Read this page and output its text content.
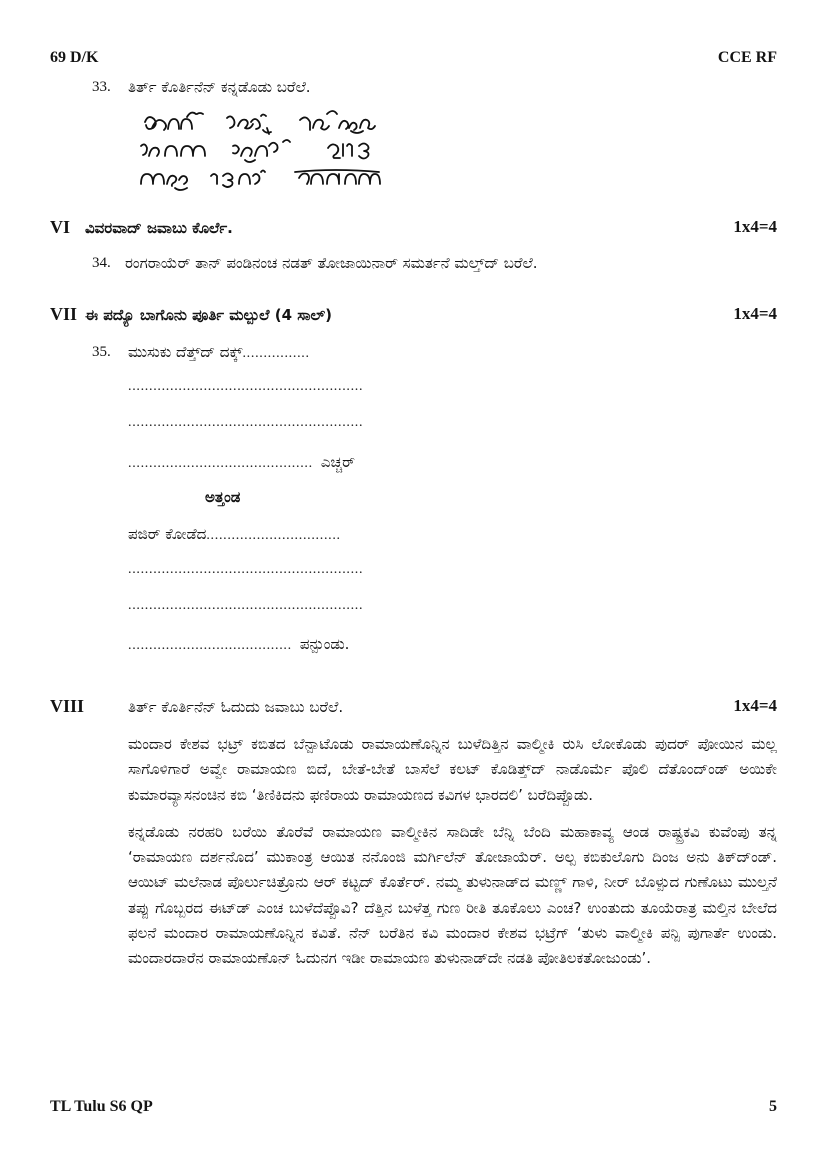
69 D/K	CCE RF
33. ತಿರ್ತ್ ಕೊರ್ತಿನೆನ್ ಕನ್ನಡೊಡು ಬರೆಲೆ.
VI ವಿವರವಾದ್ ಜವಾಬು ಕೊರ್ಲೆ.	1x4=4
34. ರಂಗರಾಯೆರ್ ತಾನ್ ಪಂಡಿನಂಚ ನಡತ್ ತೋಜಾಯಿನಾರ್ ಸಮರ್ತನೆ ಮಲ್ತ್‌ದ್ ಬರೆಲೆ.
VII ಈ ಪದ್ಯೊ ಬಾಗೊನು ಪೂರ್ತಿ ಮಲ್ಪುಲೆ (4 ಸಾಲ್)	1x4=4
35. ಮುಸುಕು ದೆತ್ತ್‌ದ್ ದಕ್ಕ್ ................
........................................................
........................................................
............................................ ಎಚ್ಚರ್
ಅತ್ತಂಡ
ಪಜಿರ್ ಕೋಡೆದ ................................
........................................................
........................................................
....................................... ಪನ್ಪುಂಡು.
VIII	ತಿರ್ತ್ ಕೊರ್ತಿನೆನ್ ಓದುದು ಜವಾಬು ಬರೆಲೆ.	1x4=4

ಮಂದಾರ ಕೇಶವ ಭಟ್ರ್ ಕಬಿತದ ಬೆನ್ಪಾಟೊಡು ರಾಮಾಯಣೊನ್ನಿನ ಬುಳೆದಿತ್ತಿನ ವಾಲ್ಮೀಕಿ ರುಸಿ ಲೋಕೊಡು ಪುದರ್ ಪೋಯಿನ ಮಲ್ಲ ಸಾಗೊಳಿಗಾರೆ ಅವ್ವೇ ರಾಮಾಯಣ ಬಿದೆ, ಬೇತೆ-ಬೇತೆ ಬಾಸೆಲೆ ಕಲಟ್ ಕೊಡಿತ್ತ್‌ದ್ ನಾಡೊರ್ಮೆ ಪೊಲಿ ದೆತೊಂದ್‌ಂಡ್ ಅಯಿಕೇ ಕುಮಾರವ್ಯಾಸನಂಚಿನ ಕಬಿ ‘ತಿಣಿಕಿದನು ಫಣಿರಾಯ ರಾಮಾಯಣದ ಕವಿಗಳ ಭಾರದಲಿ’ ಬರೆದಿಪ್ಪೊಡು.

ಕನ್ನಡೊಡು ನರಹರಿ ಬರೆಯಿ ತೊರೆವೆ ರಾಮಾಯಣ ವಾಲ್ಮೀಕಿನ ಸಾದಿಡೇ ಬೆನ್ನಿ ಬೆಂದಿ ಮಹಾಕಾವ್ಯ ಆಂಡ ರಾಷ್ಟ್ರಕವಿ ಕುವೆಂಪು ತನ್ನ ‘ರಾಮಾಯಣ ದರ್ಶನೊದ’ ಮುಕಾಂತ್ರ ಆಯಿತ ನನೊಂಜಿ ಮರ್ಗಿಲೆನ್ ತೋಜಾಯೆರ್. ಅಲ್ಪ ಕಬಿಕುಲೊಗು ದಿಂಜ ಅನು ತಿಕ್‌ದ್‌ಂಡ್. ಆಯಿಟ್ ಮಲೆನಾಡ ಪೊರ್ಲುಚಿತ್ರೊನು ಆರ್ ಕಟ್ಟದ್ ಕೊರ್ತೆರ್. ನಮ್ಮ ತುಳುನಾಡ್‌ದ ಮಣ್ಣ್ ಗಾಳಿ, ನೀರ್ ಬೊಳ್ಪುದ ಗುಣೊಟು ಮುಲ್ತನೆ ತಪ್ಪು ಗೊಬ್ಬರದ ಈಟ್‌ಡ್ ಎಂಚ ಬುಳೆದೆಪ್ಪೊವಿ? ದೆತ್ತಿನ ಬುಳೆತ್ತ ಗುಣ ರೀತಿ ತೂಕೊಲು ಎಂಚ? ಉಂತುದು ತೂಯೆರಾತ್ರ ಮಲ್ತಿನ ಬೇಲೆದ ಫಲನೆ ಮಂದಾರ ರಾಮಾಯಣೊನ್ನಿನ ಕವಿತೆ. ನೆನ್ ಬರೆತಿನ ಕವಿ ಮಂದಾರ ಕೇಶವ ಭಟ್ರೆಗ್ ‘ತುಳು ವಾಲ್ಮೀಕಿ ಪನ್ಪಿ ಪುಗಾರ್ತೆ ಉಂಡು. ಮಂದಾರದಾರೆನ ರಾಮಾಯಣೊನ್ ಓದುನಗ ಇಡೀ ರಾಮಾಯಣ ತುಳುನಾಡ್‌ದೇ ನಡತಿ ಪೋತಿಲಕತೋಜುಂಡು’.

TL Tulu S6 QP	5
